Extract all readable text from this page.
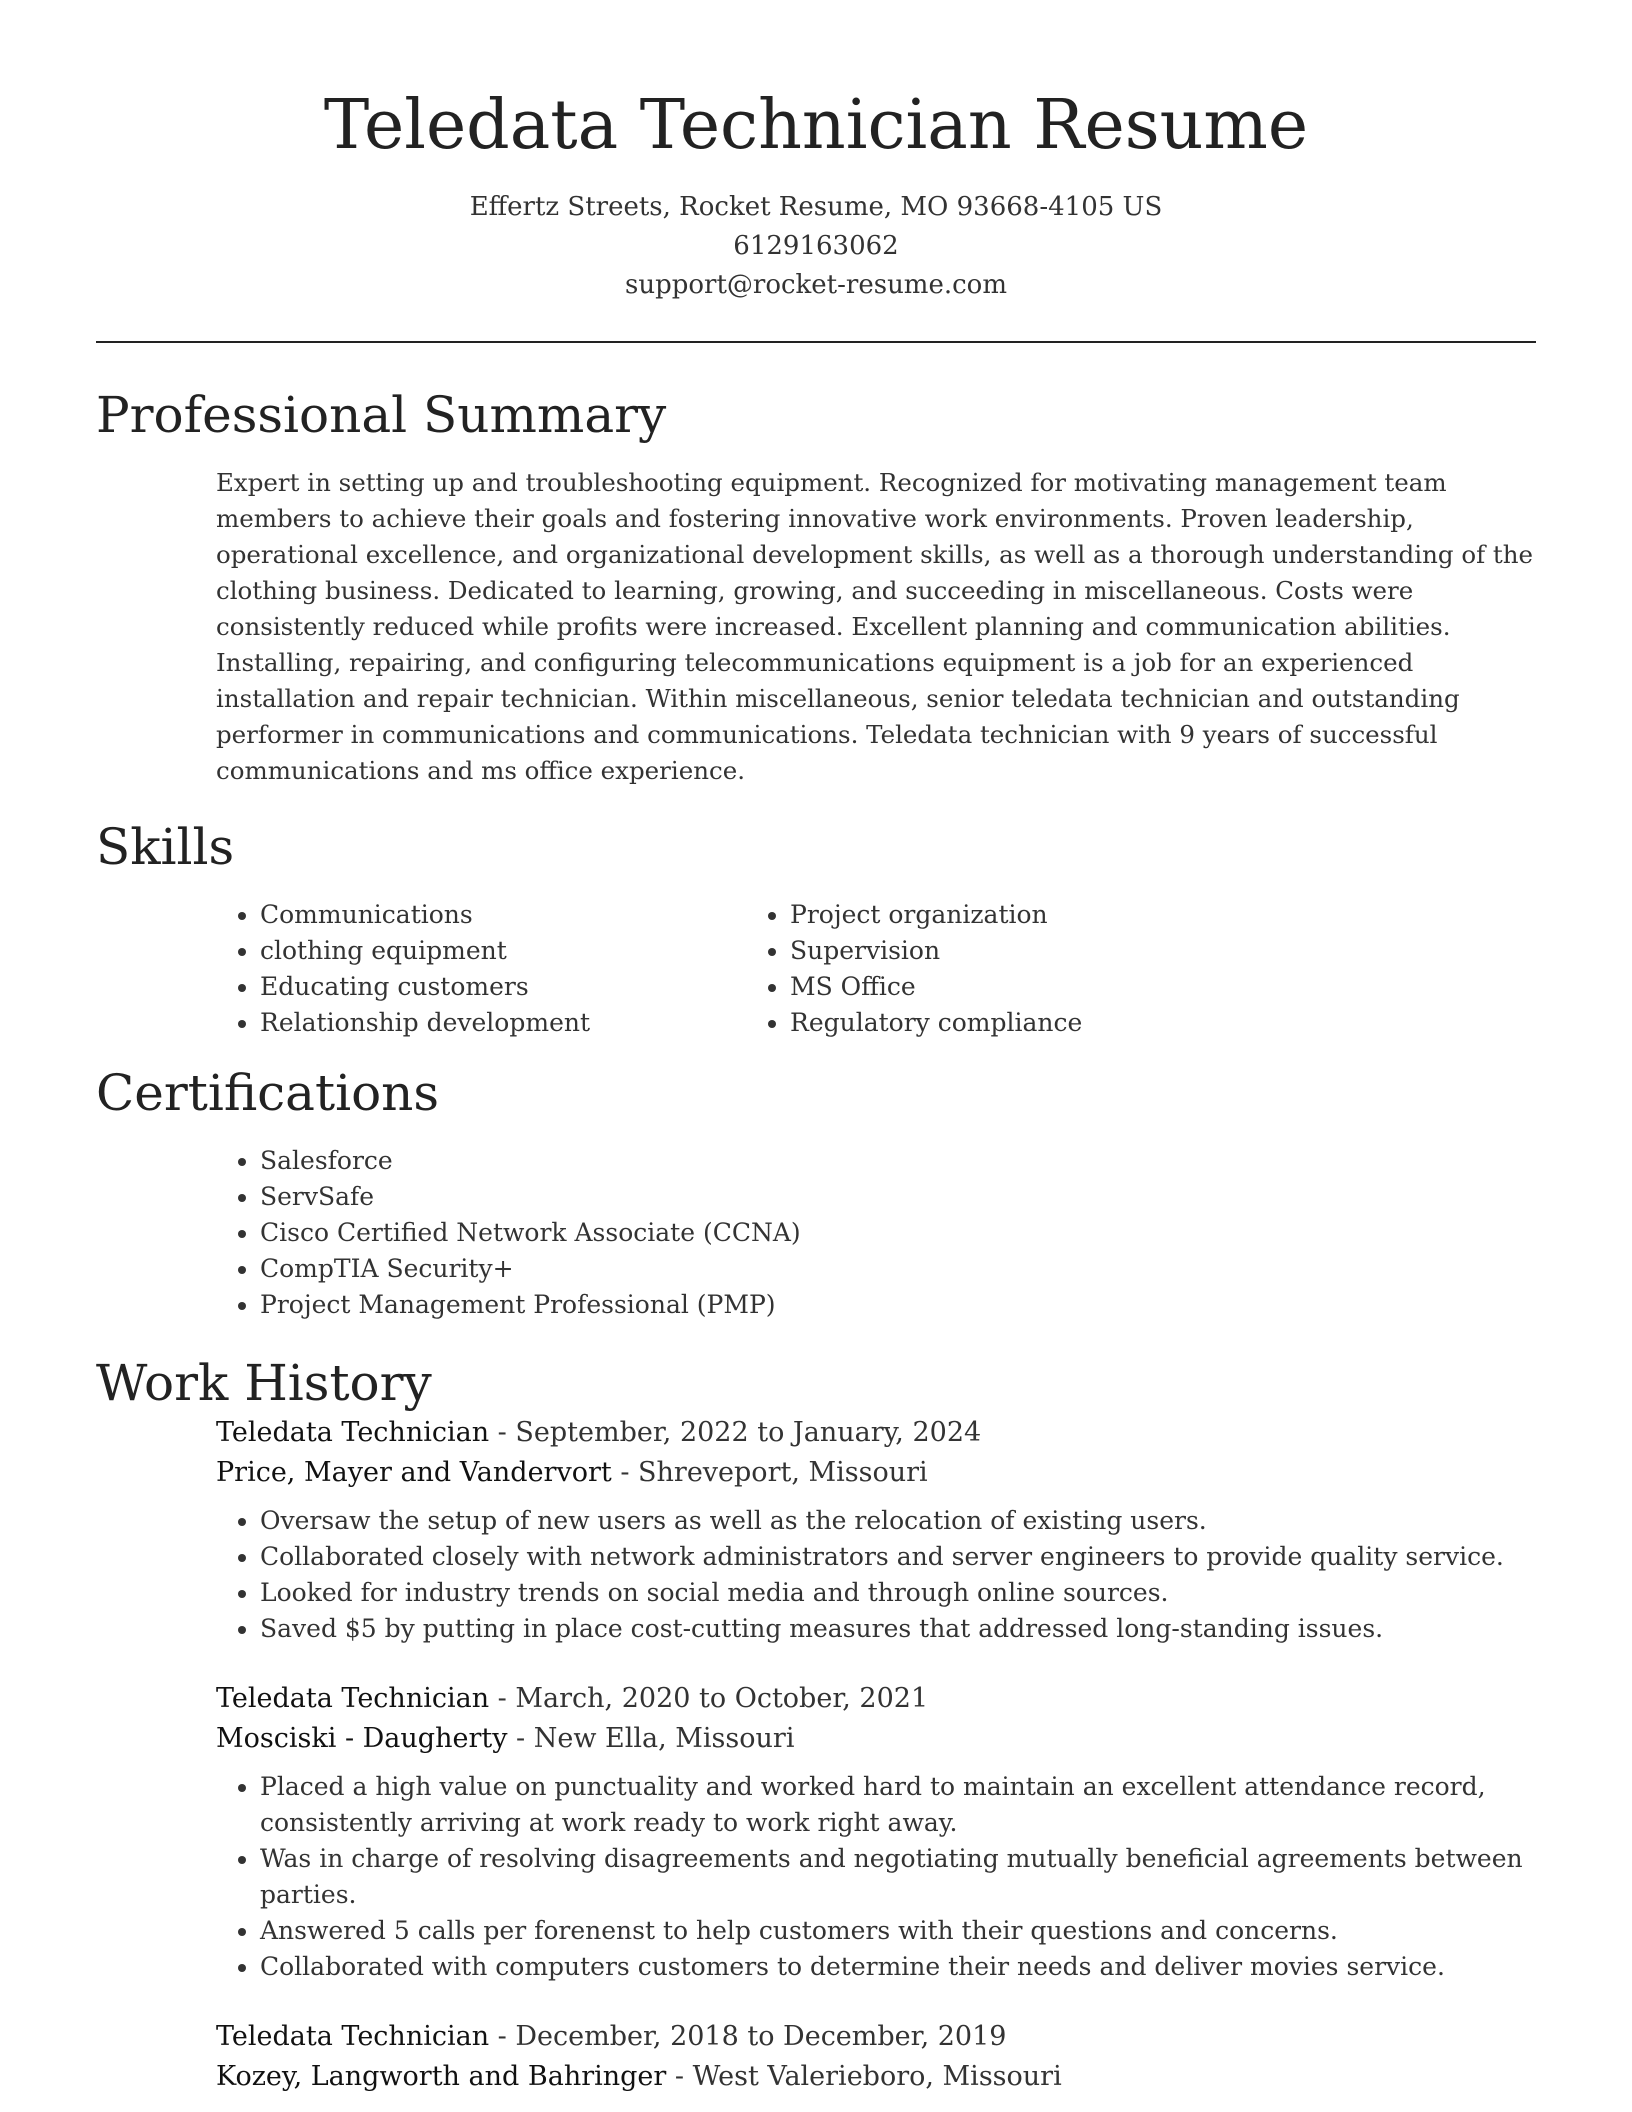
Teledata Technician Resume
Effertz Streets, Rocket Resume, MO 93668-4105 US
6129163062
support@rocket-resume.com
Professional Summary

Expert in setting up and troubleshooting equipment. Recognized for motivating management team members to achieve their goals and fostering innovative work environments. Proven leadership, operational excellence, and organizational development skills, as well as a thorough understanding of the clothing business. Dedicated to learning, growing, and succeeding in miscellaneous. Costs were consistently reduced while profits were increased. Excellent planning and communication abilities. Installing, repairing, and configuring telecommunications equipment is a job for an experienced installation and repair technician. Within miscellaneous, senior teledata technician and outstanding performer in communications and communications. Teledata technician with 9 years of successful communications and ms office experience.

Skills
• Communications
• clothing equipment
• Educating customers
• Relationship development
• Project organization
• Supervision
• MS Office
• Regulatory compliance
Certifications
• Salesforce
• ServSafe
• Cisco Certified Network Associate (CCNA)
• CompTIA Security+
• Project Management Professional (PMP)
Work History
Teledata Technician - September, 2022 to January, 2024
Price, Mayer and Vandervort - Shreveport, Missouri
• Oversaw the setup of new users as well as the relocation of existing users.
• Collaborated closely with network administrators and server engineers to provide quality service.
• Looked for industry trends on social media and through online sources.
• Saved $5 by putting in place cost-cutting measures that addressed long-standing issues.
Teledata Technician - March, 2020 to October, 2021
Mosciski - Daugherty - New Ella, Missouri
• Placed a high value on punctuality and worked hard to maintain an excellent attendance record, consistently arriving at work ready to work right away.
• Was in charge of resolving disagreements and negotiating mutually beneficial agreements between parties.
• Answered 5 calls per forenenst to help customers with their questions and concerns.
• Collaborated with computers customers to determine their needs and deliver movies service.
Teledata Technician - December, 2018 to December, 2019
Kozey, Langworth and Bahringer - West Valerieboro, Missouri
